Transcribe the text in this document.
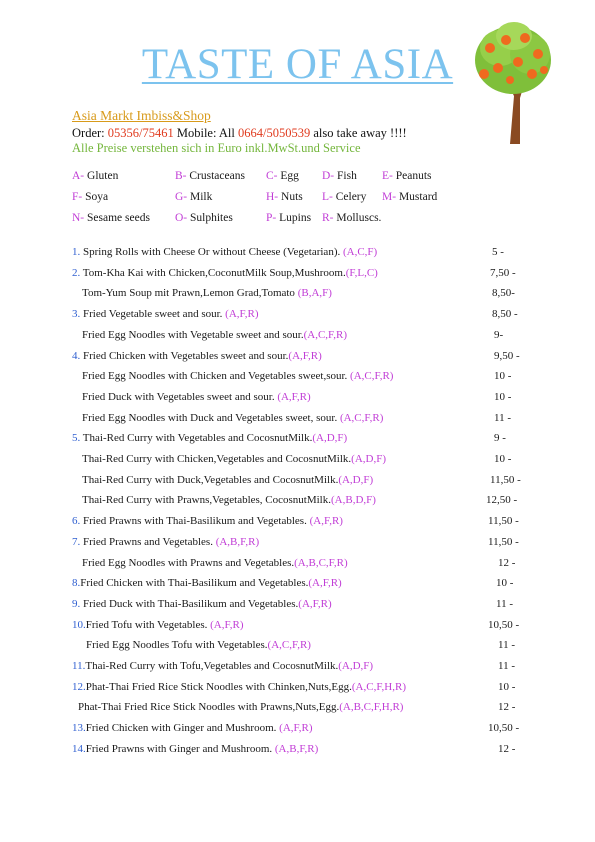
TASTE OF ASIA
Asia Markt Imbiss&Shop
Order: 05356/75461 Mobile: All 0664/5050539 also take away !!!!
Alle Preise verstehen sich in Euro inkl.MwSt.und Service
A- Gluten	B- Crustaceans C- Egg D- Fish E- Peanuts
F- Soya	G- Milk	H- Nuts L- Celery M- Mustard
N- Sesame seeds O- Sulphites	P- Lupins R- Molluscs.
1. Spring Rolls with Cheese Or without Cheese (Vegetarian). (A,C,F)	5 -
2. Tom-Kha Kai with Chicken,CoconutMilk Soup,Mushroom.(F,L,C)	7,50 -
Tom-Yum Soup mit Prawn,Lemon Grad,Tomato (B,A,F)	8,50-
3. Fried Vegetable sweet and sour. (A,F,R)	8,50 -
Fried Egg Noodles with Vegetable sweet and sour.(A,C,F,R)	9-
4. Fried Chicken with Vegetables sweet and sour.(A,F,R)	9,50 -
Fried Egg Noodles with Chicken and Vegetables sweet,sour. (A,C,F,R)	10 -
Fried Duck with Vegetables sweet and sour. (A,F,R)	10 -
Fried Egg Noodles with Duck and Vegetables sweet, sour. (A,C,F,R)	11 -
5. Thai-Red Curry with Vegetables and CocosnutMilk.(A,D,F)	9 -
Thai-Red Curry with Chicken,Vegetables and CocosnutMilk.(A,D,F)	10 -
Thai-Red Curry with Duck,Vegetables and CocosnutMilk.(A,D,F)	11,50 -
Thai-Red Curry with Prawns,Vegetables, CocosnutMilk.(A,B,D,F)	12,50 -
6. Fried Prawns with Thai-Basilikum and Vegetables. (A,F,R)	11,50 -
7. Fried Prawns and Vegetables. (A,B,F,R)	11,50 -
Fried Egg Noodles with Prawns and Vegetables.(A,B,C,F,R)	12 -
8.Fried Chicken with Thai-Basilikum and Vegetables.(A,F,R)	10 -
9. Fried Duck with Thai-Basilikum and Vegetables.(A,F,R)	11 -
10.Fried Tofu with Vegetables. (A,F,R)	10,50 -
Fried Egg Noodles Tofu with Vegetables.(A,C,F,R)	11 -
11.Thai-Red Curry with Tofu,Vegetables and CocosnutMilk.(A,D,F)	11 -
12.Phat-Thai Fried Rice Stick Noodles with Chinken,Nuts,Egg.(A,C,F,H,R)	10 -
Phat-Thai Fried Rice Stick Noodles with Prawns,Nuts,Egg.(A,B,C,F,H,R)	12 -
13.Fried Chicken with Ginger and Mushroom. (A,F,R)	10,50 -
14.Fried Prawns with Ginger and Mushroom. (A,B,F,R)	12 -
